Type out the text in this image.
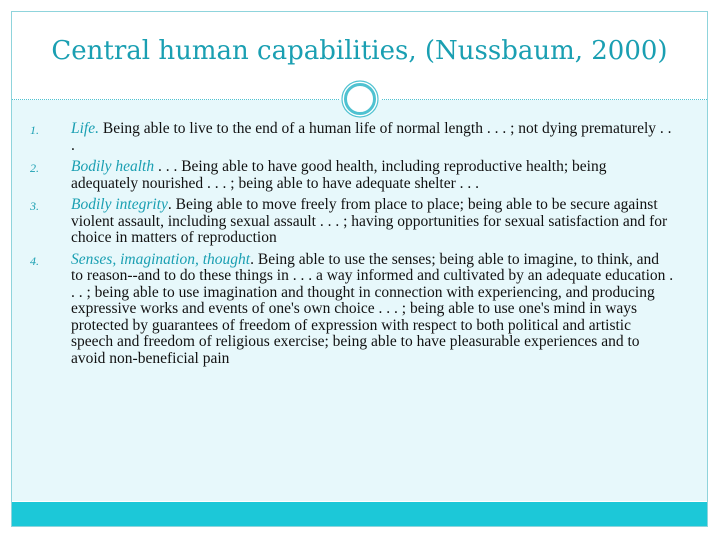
Central human capabilities, (Nussbaum, 2000)
1. Life. Being able to live to the end of a human life of normal length . . . ; not dying prematurely . . .
2. Bodily health . . . Being able to have good health, including reproductive health; being adequately nourished . . . ; being able to have adequate shelter . . .
3. Bodily integrity. Being able to move freely from place to place; being able to be secure against violent assault, including sexual assault . . . ; having opportunities for sexual satisfaction and for choice in matters of reproduction
4. Senses, imagination, thought. Being able to use the senses; being able to imagine, to think, and to reason--and to do these things in . . . a way informed and cultivated by an adequate education . . . ; being able to use imagination and thought in connection with experiencing, and producing expressive works and events of one's own choice . . . ; being able to use one's mind in ways protected by guarantees of freedom of expression with respect to both political and artistic speech and freedom of religious exercise; being able to have pleasurable experiences and to avoid non-beneficial pain
